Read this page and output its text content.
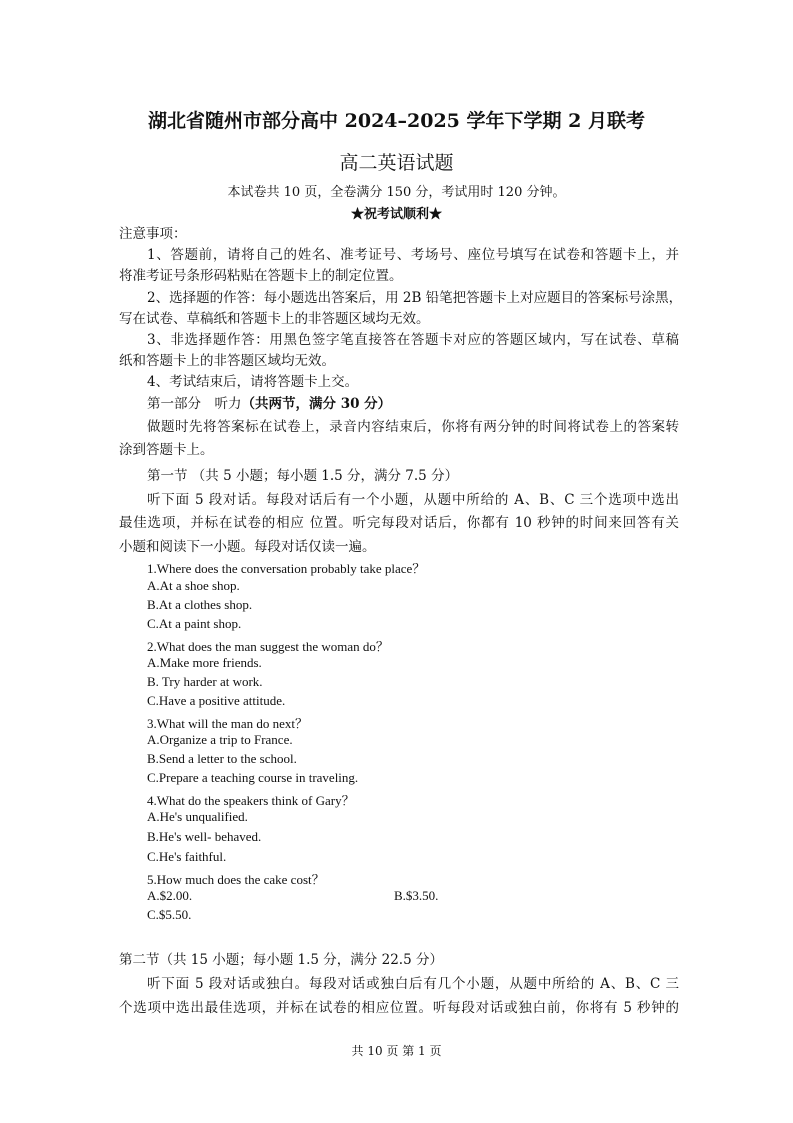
湖北省随州市部分高中 2024–2025 学年下学期 2 月联考
高二英语试题
本试卷共 10 页，全卷满分 150 分，考试用时 120 分钟。
★祝考试顺利★
注意事项：
1、答题前，请将自己的姓名、准考证号、考场号、座位号填写在试卷和答题卡上，并
将准考证号条形码粘贴在答题卡上的制定位置。
2、选择题的作答：每小题选出答案后，用 2B 铅笔把答题卡上对应题目的答案标号涂黑，
写在试卷、草稿纸和答题卡上的非答题区域均无效。
3、非选择题作答：用黑色签字笔直接答在答题卡对应的答题区域内，写在试卷、草稿
纸和答题卡上的非答题区域均无效。
4、考试结束后，请将答题卡上交。
第一部分　听力（共两节，满分 30 分）
做题时先将答案标在试卷上，录音内容结束后，你将有两分钟的时间将试卷上的答案转
涂到答题卡上。
第一节 （共 5 小题；每小题 1.5 分，满分 7.5 分）
听下面 5 段对话。每段对话后有一个小题，从题中所给的 A、B、C 三个选项中选出
最佳选项，并标在试卷的相应 位置。听完每段对话后，你都有 10 秒钟的时间来回答有关
小题和阅读下一小题。每段对话仅读一遍。
1.Where does the conversation probably take place？
A.At a shoe shop.
B.At a clothes shop.
C.At a paint shop.
2.What does the man suggest the woman do？
A.Make more friends.
B. Try harder at work.
C.Have a positive attitude.
3.What will the man do next？
A.Organize a trip to France.
B.Send a letter to the school.
C.Prepare a teaching course in traveling.
4.What do the speakers think of Gary？
A.He's unqualified.
B.He's well- behaved.
C.He's faithful.
5.How much does the cake cost？
A.$2.00.	B.$3.50.
C.$5.50.
第二节（共 15 小题；每小题 1.5 分，满分 22.5 分）
听下面 5 段对话或独白。每段对话或独白后有几个小题，从题中所给的 A、B、C 三
个选项中选出最佳选项，并标在试卷的相应位置。听每段对话或独白前，你将有 5 秒钟的
共 10 页 第 1 页
